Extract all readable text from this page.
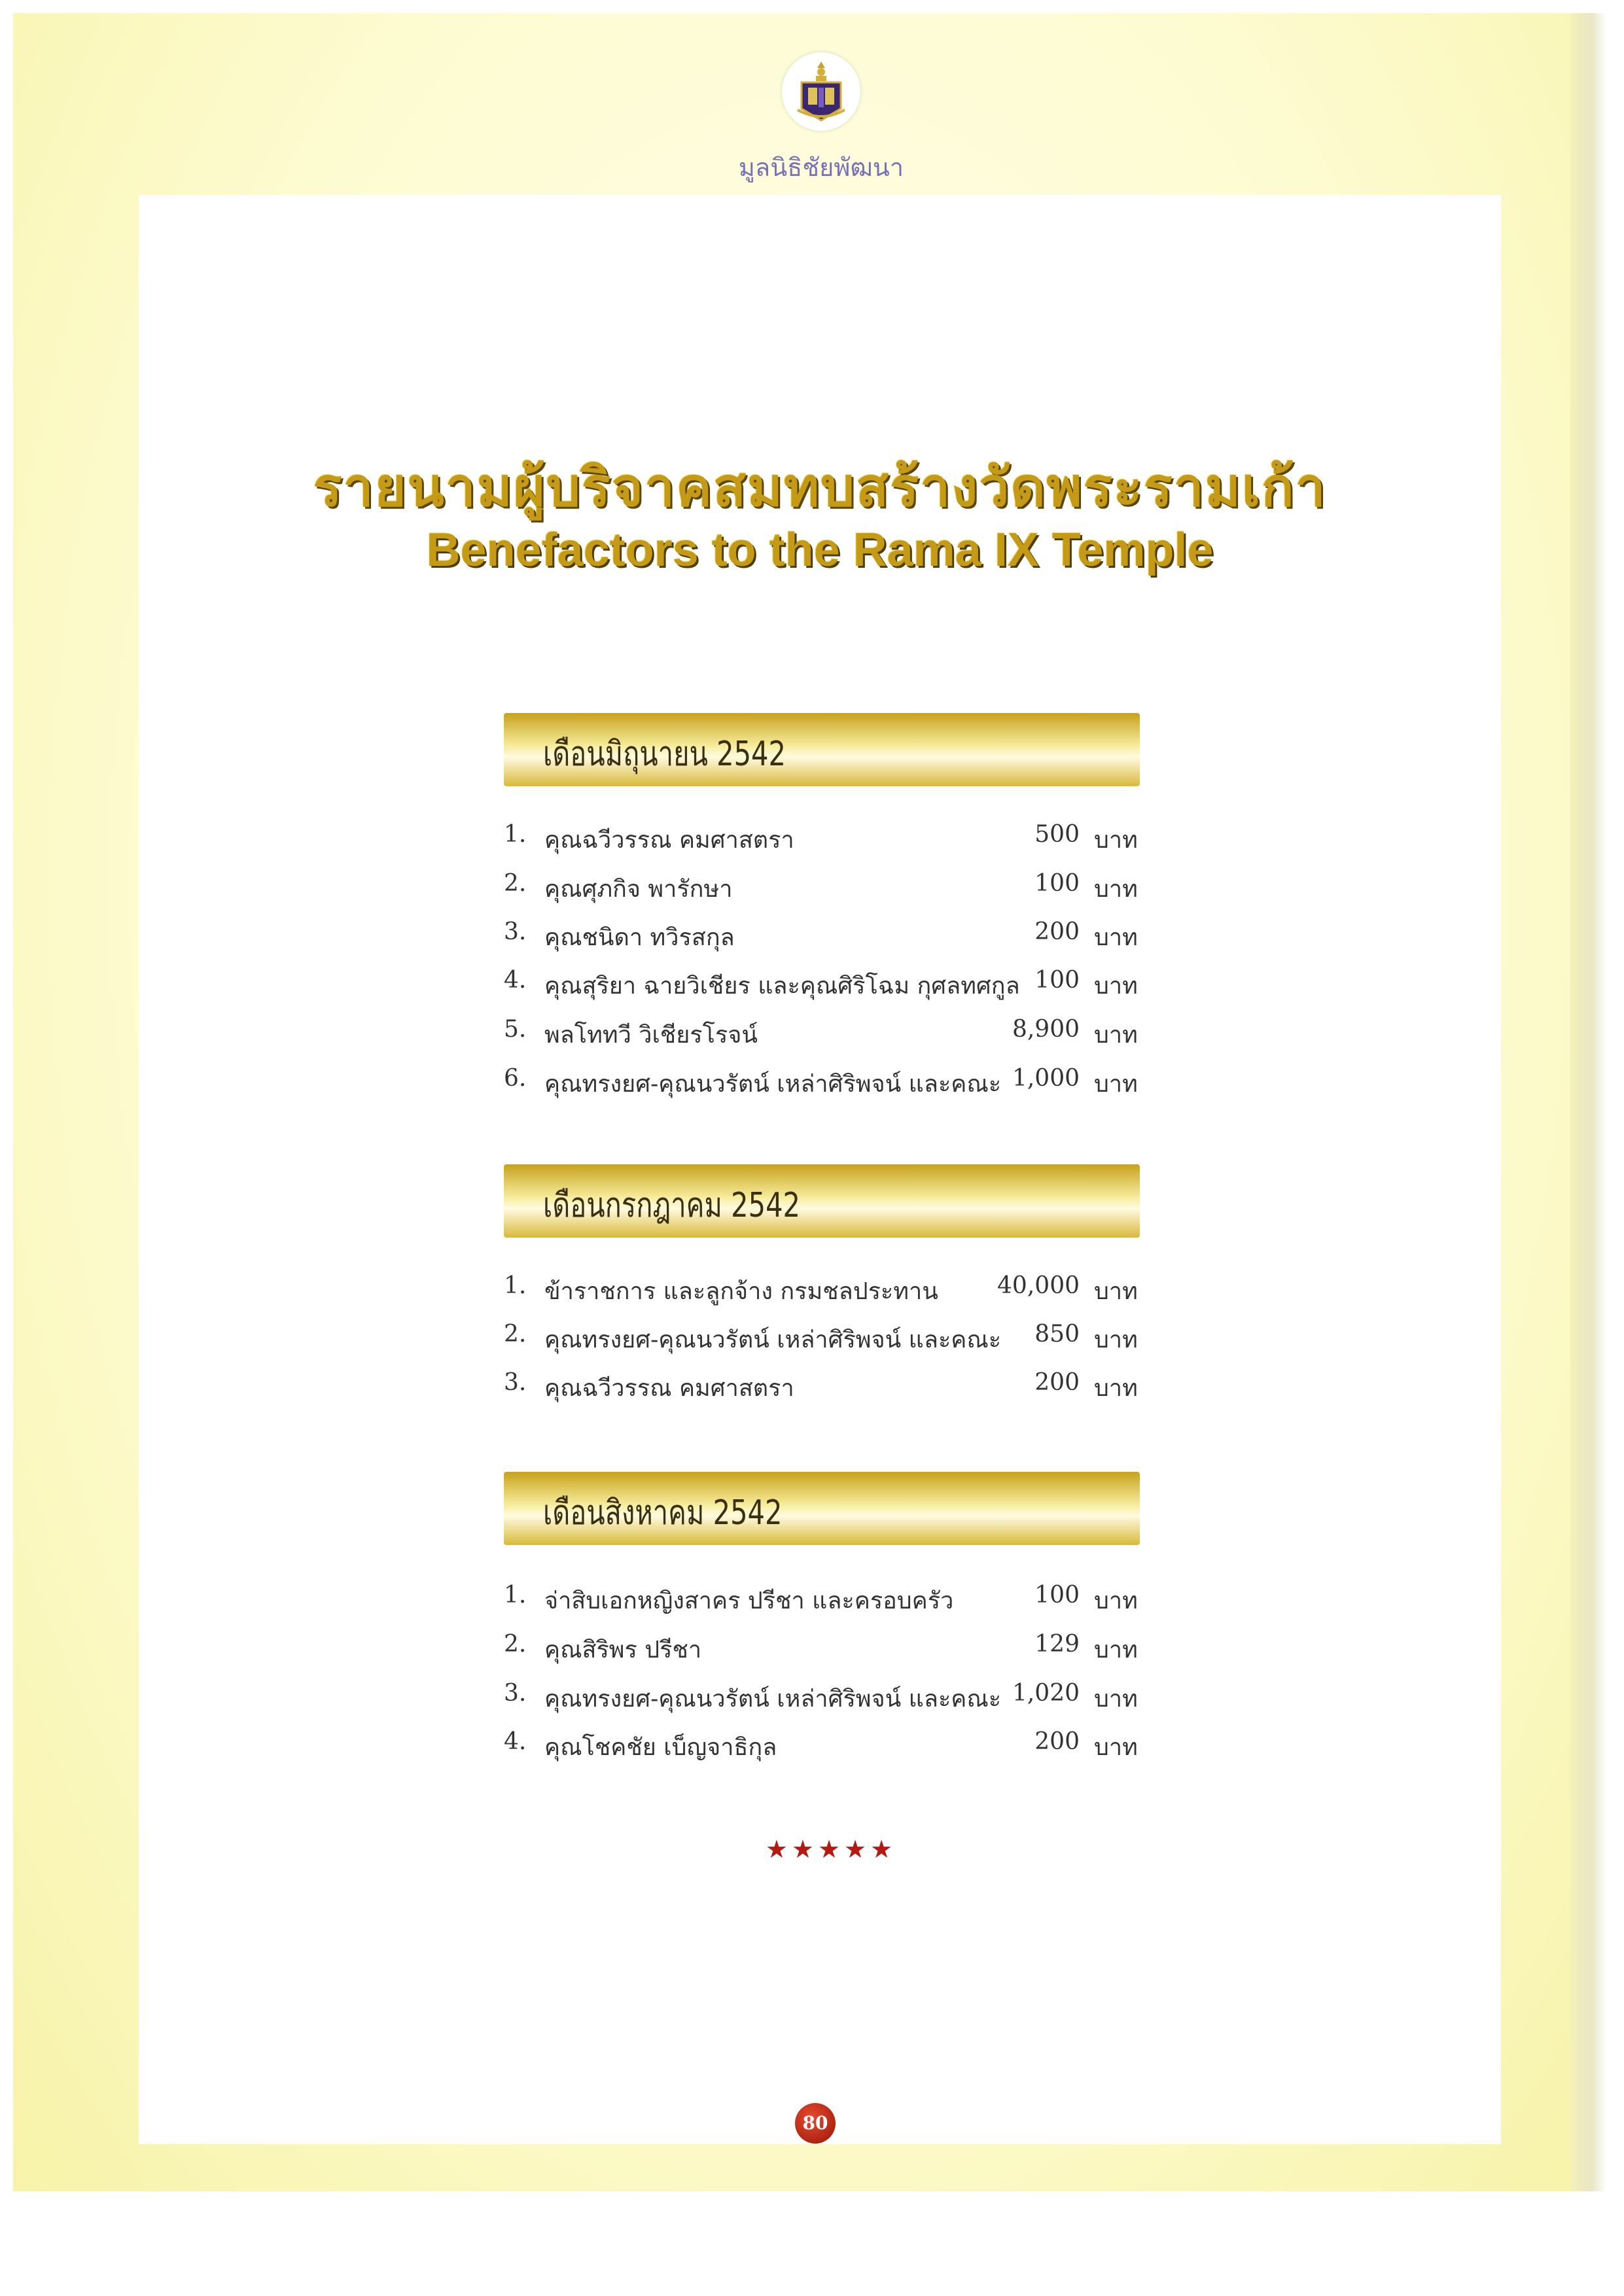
มูลนิธิชัยพัฒนา
รายนามผู้บริจาคสมทบสร้างวัดพระรามเก้า
Benefactors to the Rama IX Temple
เดือนมิถุนายน 2542
1. คุณฉวีวรรณ คมศาสตรา	500 บาท
2. คุณศุภกิจ พารักษา	100 บาท
3. คุณชนิดา ทวิรสกุล	200 บาท
4. คุณสุริยา ฉายวิเชียร และคุณศิริโฉม กุศลทศกูล 100 บาท
5. พลโททวี วิเชียรโรจน์	8,900 บาท
6. คุณทรงยศ-คุณนวรัตน์ เหล่าศิริพจน์ และคณะ 1,000 บาท
เดือนกรกฎาคม 2542
1. ข้าราชการ และลูกจ้าง กรมชลประทาน	40,000 บาท
2. คุณทรงยศ-คุณนวรัตน์ เหล่าศิริพจน์ และคณะ	850 บาท
3. คุณฉวีวรรณ คมศาสตรา	200 บาท
เดือนสิงหาคม 2542
1. จ่าสิบเอกหญิงสาคร ปรีชา และครอบครัว	100 บาท
2. คุณสิริพร ปรีชา	129 บาท
3. คุณทรงยศ-คุณนวรัตน์ เหล่าศิริพจน์ และคณะ 1,020 บาท
4. คุณโชคชัย เบ็ญจาธิกุล	200 บาท
★★★★★
80
